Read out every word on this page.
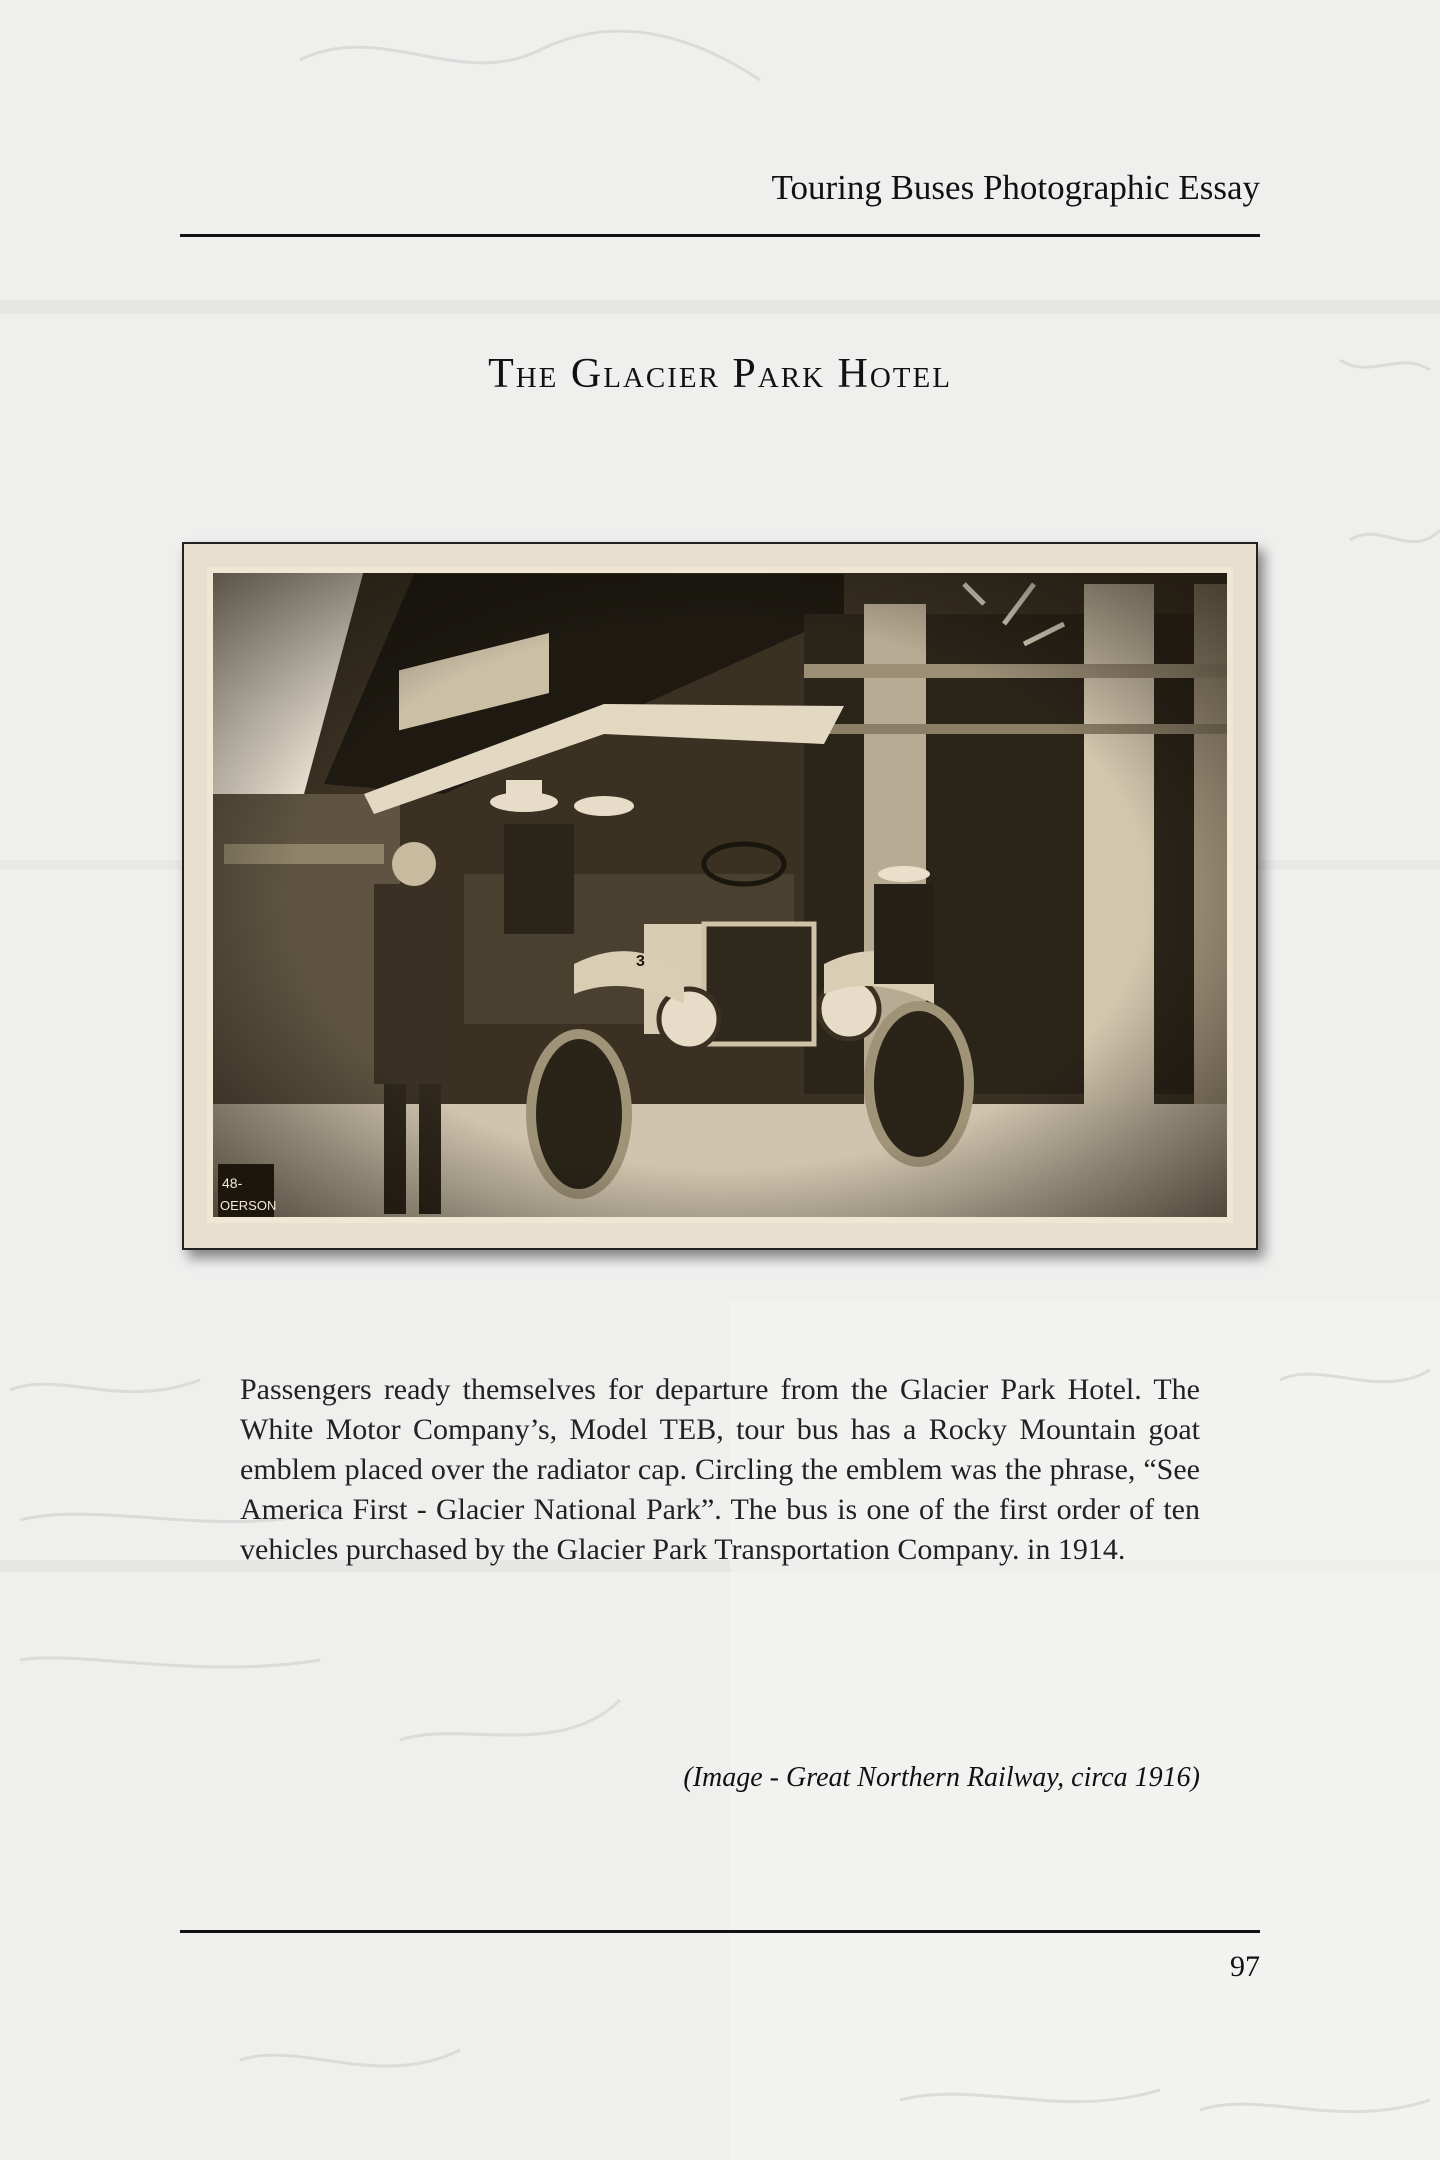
Touring Buses Photographic Essay
The Glacier Park Hotel
48-
OERSON
3
Passengers ready themselves for departure from the Glacier Park Hotel. The White Motor Company’s, Model TEB, tour bus has a Rocky Mountain goat emblem placed over the radiator cap. Circling the emblem was the phrase, “See America First - Glacier National Park”. The bus is one of the first order of ten vehicles purchased by the Glacier Park Transportation Company. in 1914.
(Image - Great Northern Railway, circa 1916)
97
